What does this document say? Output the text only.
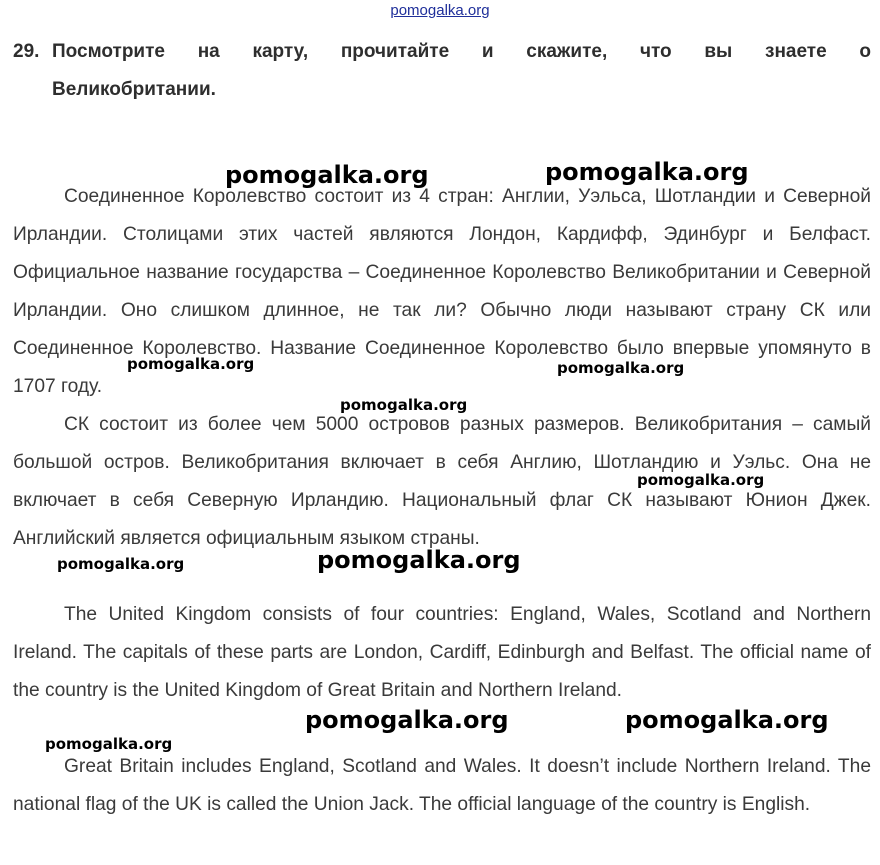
pomogalka.org
29. Посмотрите на карту, прочитайте и скажите, что вы знаете о
Великобритании.

Соединенное Королевство состоит из 4 стран: Англии, Уэльса, Шотландии и Северной Ирландии. Столицами этих частей являются Лондон, Кардифф, Эдинбург и Белфаст. Официальное название государства – Соединенное Королевство Великобритании и Северной Ирландии. Оно слишком длинное, не так ли? Обычно люди называют страну СК или Соединенное Королевство. Название Соединенное Королевство было впервые упомянуто в 1707 году.

СК состоит из более чем 5000 островов разных размеров. Великобритания – самый большой остров. Великобритания включает в себя Англию, Шотландию и Уэльс. Она не включает в себя Северную Ирландию. Национальный флаг СК называют Юнион Джек. Английский является официальным языком страны.

The United Kingdom consists of four countries: England, Wales, Scotland and Northern Ireland. The capitals of these parts are London, Cardiff, Edinburgh and Belfast. The official name of the country is the United Kingdom of Great Britain and Northern Ireland.

Great Britain includes England, Scotland and Wales. It doesn’t include Northern Ireland. The national flag of the UK is called the Union Jack. The official language of the country is English.

pomogalka.org	pomogalka.org
pomogalka.org	pomogalka.org
pomogalka.org
pomogalka.org
pomogalka.org	pomogalka.org
pomogalka.org	pomogalka.org
pomogalka.org
